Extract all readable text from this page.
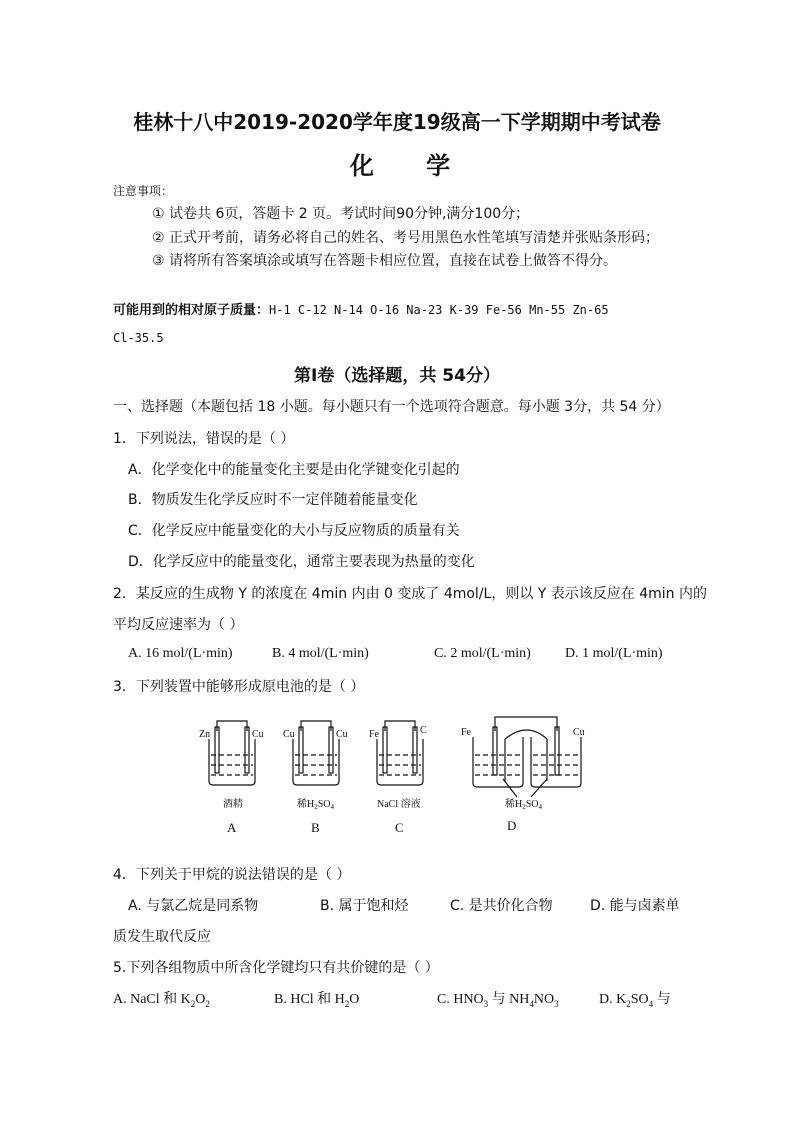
桂林十八中2019-2020学年度19级高一下学期期中考试卷
化 学
注意事项：
① 试卷共 6页，答题卡 2 页。考试时间90分钟,满分100分；
② 正式开考前，请务必将自己的姓名、考号用黑色水性笔填写清楚并张贴条形码；
③ 请将所有答案填涂或填写在答题卡相应位置，直接在试卷上做答不得分。
可能用到的相对原子质量：H-1 C-12 N-14 O-16 Na-23 K-39 Fe-56 Mn-55 Zn-65
Cl-35.5
第Ⅰ卷（选择题，共 54分）
一、选择题（本题包括 18 小题。每小题只有一个选项符合题意。每小题 3分，共 54 分）
1．下列说法，错误的是（ ）
A．化学变化中的能量变化主要是由化学键变化引起的
B．物质发生化学反应时不一定伴随着能量变化
C．化学反应中能量变化的大小与反应物质的质量有关
D．化学反应中的能量变化，通常主要表现为热量的变化
2．某反应的生成物 Y 的浓度在 4min 内由 0 变成了 4mol/L，则以 Y 表示该反应在 4min 内的
平均反应速率为（ ）
A. 16 mol/(L·min)	B. 4 mol/(L·min)	C. 2 mol/(L·min) D. 1 mol/(L·min)
3．下列装置中能够形成原电池的是（ ）
Zn	Cu
酒精
A
Cu	Cu
稀$H_2SO_4$
B
Fe	C
NaCl 溶液
C
Fe	Cu
稀$H_2SO_4$
D
4．下列关于甲烷的说法错误的是（ ）
A. 与氯乙烷是同系物	B. 属于饱和烃	C. 是共价化合物	D. 能与卤素单
质发生取代反应
5.下列各组物质中所含化学键均只有共价键的是（ ）
A. NaCl 和 $K_2O_2$	B. HCl 和 $H_2O$	C. $HNO_3$ 与 $NH_4NO_3$	D. $K_2SO_4$ 与
